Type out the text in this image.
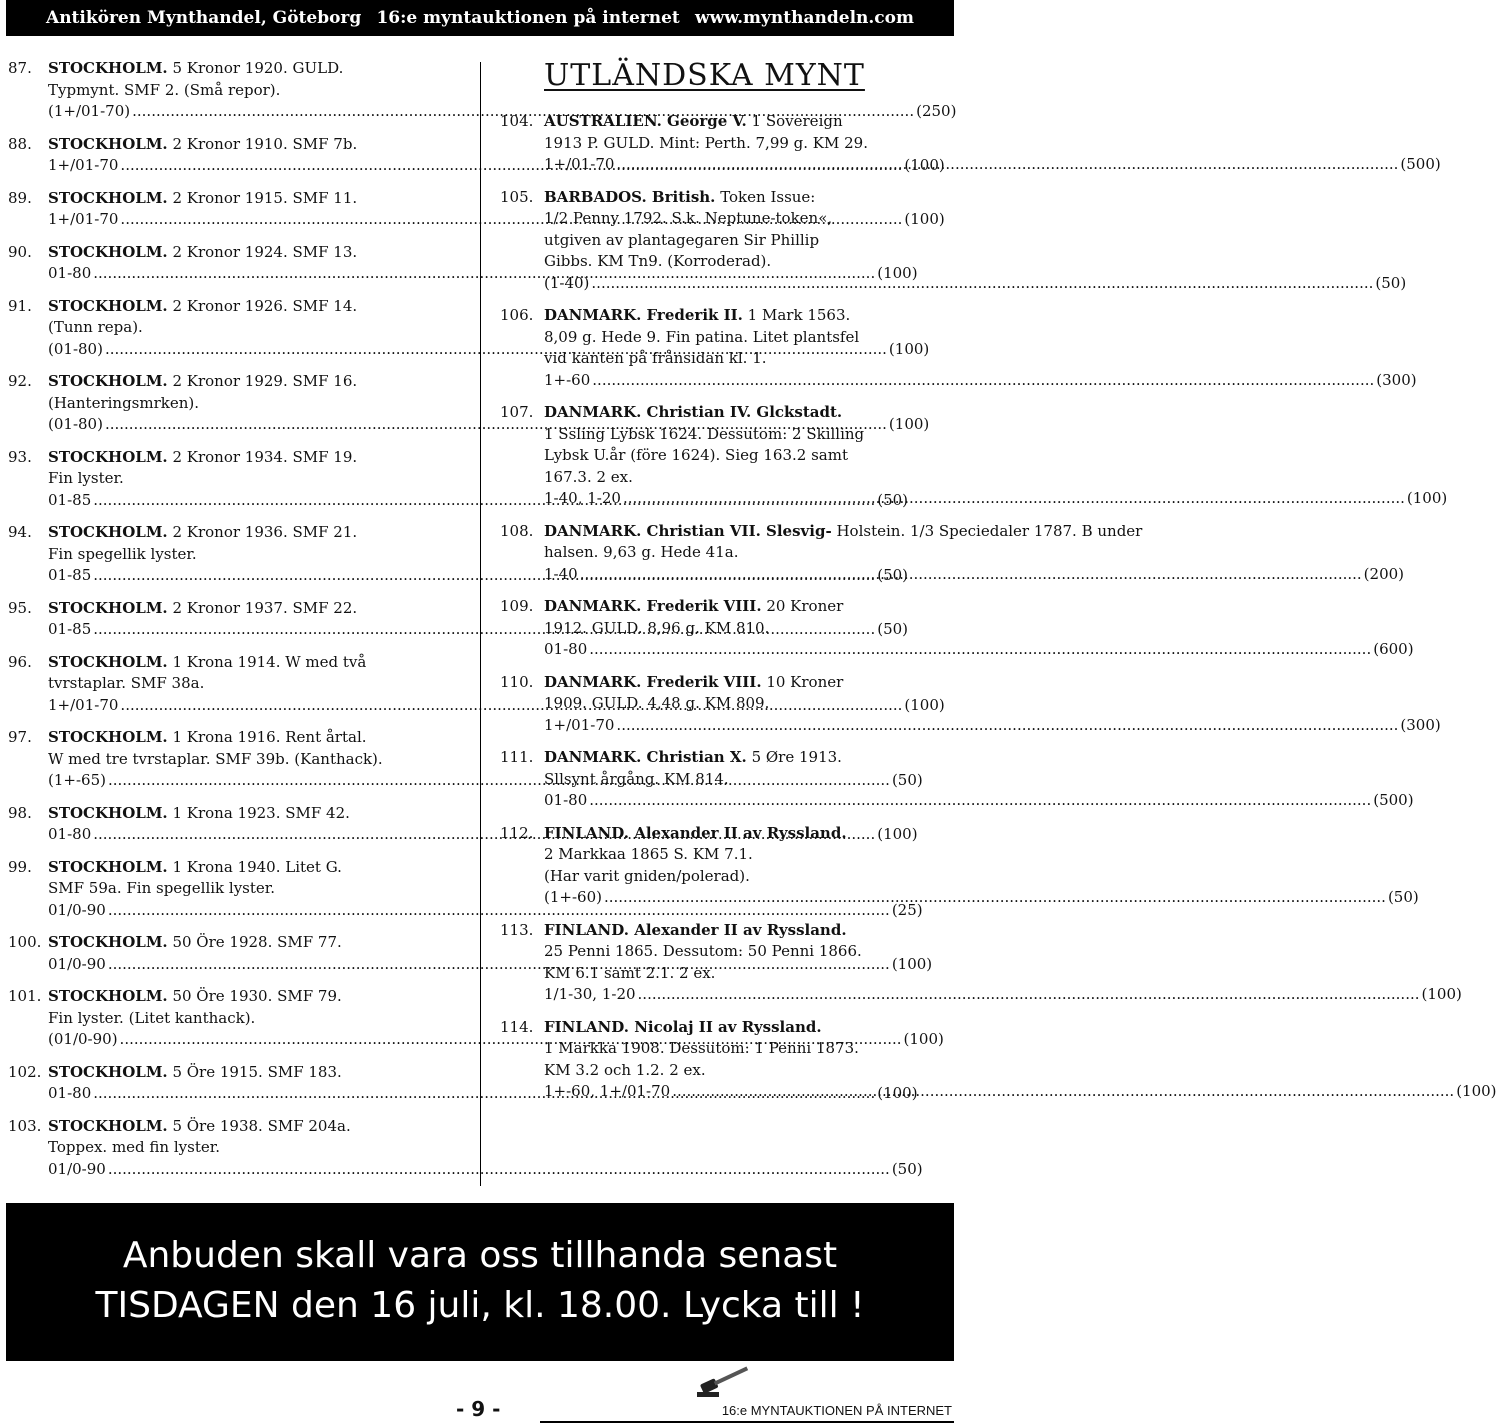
Antikören Mynthandel, Göteborg 16:e myntauktionen på internet www.mynthandeln.com
87. STOCKHOLM. 5 Kronor 1920. GULD.
Typmynt. SMF 2. (Små repor).
(1+/01-70) .....	(250)
88. STOCKHOLM. 2 Kronor 1910. SMF 7b.
1+/01-70 .....	(100)
89. STOCKHOLM. 2 Kronor 1915. SMF 11.
1+/01-70 .....	(100)
90. STOCKHOLM. 2 Kronor 1924. SMF 13.
01-80 .....	(100)
91. STOCKHOLM. 2 Kronor 1926. SMF 14.
(Tunn repa).
(01-80) .....	(100)
92. STOCKHOLM. 2 Kronor 1929. SMF 16.
(Hanteringsmrken).
(01-80) .....	(100)
93. STOCKHOLM. 2 Kronor 1934. SMF 19.
Fin lyster.
01-85 .....	(50)
94. STOCKHOLM. 2 Kronor 1936. SMF 21.
Fin spegellik lyster.
01-85 .....	(50)
95. STOCKHOLM. 2 Kronor 1937. SMF 22.
01-85 .....	(50)
96. STOCKHOLM. 1 Krona 1914. W med två
tvrstaplar. SMF 38a.
1+/01-70 .....	(100)
97. STOCKHOLM. 1 Krona 1916. Rent årtal.
W med tre tvrstaplar. SMF 39b. (Kanthack).
(1+-65) .....	(50)
98. STOCKHOLM. 1 Krona 1923. SMF 42.
01-80 .....	(100)
99. STOCKHOLM. 1 Krona 1940. Litet G.
SMF 59a. Fin spegellik lyster.
01/0-90 .....	(25)
100. STOCKHOLM. 50 Öre 1928. SMF 77.
01/0-90 .....	(100)
101. STOCKHOLM. 50 Öre 1930. SMF 79.
Fin lyster. (Litet kanthack).
(01/0-90) .....	(100)
102. STOCKHOLM. 5 Öre 1915. SMF 183.
01-80 .....	(100)
103. STOCKHOLM. 5 Öre 1938. SMF 204a.
Toppex. med fin lyster.
01/0-90 .....	(50)
UTLÄNDSKA MYNT
104. AUSTRALIEN. George V. 1 Sovereign
1913 P. GULD. Mint: Perth. 7,99 g. KM 29.
1+/01-70 .....	(500)
105. BARBADOS. British. Token Issue:
1/2 Penny 1792. S.k. Neptune-token«,
utgiven av plantagegaren Sir Phillip
Gibbs. KM Tn9. (Korroderad).
(1-40) .....	(50)
106. DANMARK. Frederik II. 1 Mark 1563.
8,09 g. Hede 9. Fin patina. Litet plantsfel
vid kanten på frånsidan kl. 1.
1+-60 .....	(300)
107. DANMARK. Christian IV. Glckstadt.
1 Ssling Lybsk 1624. Dessutom: 2 Skilling
Lybsk U.år (före 1624). Sieg 163.2 samt
167.3. 2 ex.
1-40, 1-20 .....	(100)
108. DANMARK. Christian VII. Slesvig- Holstein. 1/3 Speciedaler 1787. B under
halsen. 9,63 g. Hede 41a.
1-40 .....	(200)
109. DANMARK. Frederik VIII. 20 Kroner
1912. GULD. 8,96 g. KM 810.
01-80 .....	(600)
110. DANMARK. Frederik VIII. 10 Kroner
1909. GULD. 4,48 g. KM 809.
1+/01-70 .....	(300)
111. DANMARK. Christian X. 5 Øre 1913.
Sllsynt årgång. KM 814.
01-80 .....	(500)
112. FINLAND. Alexander II av Ryssland.
2 Markkaa 1865 S. KM 7.1.
(Har varit gniden/polerad).
(1+-60) .....	(50)
113. FINLAND. Alexander II av Ryssland.
25 Penni 1865. Dessutom: 50 Penni 1866.
KM 6.1 samt 2.1. 2 ex.
1/1-30, 1-20 .....	(100)
114. FINLAND. Nicolaj II av Ryssland.
1 Markka 1908. Dessutom: 1 Penni 1873.
KM 3.2 och 1.2. 2 ex.
1+-60, 1+/01-70 .....	(100)
Anbuden skall vara oss tillhanda senast
TISDAGEN den 16 juli, kl. 18.00. Lycka till !
- 9 -	16:e MYNTAUKTIONEN PÅ INTERNET
